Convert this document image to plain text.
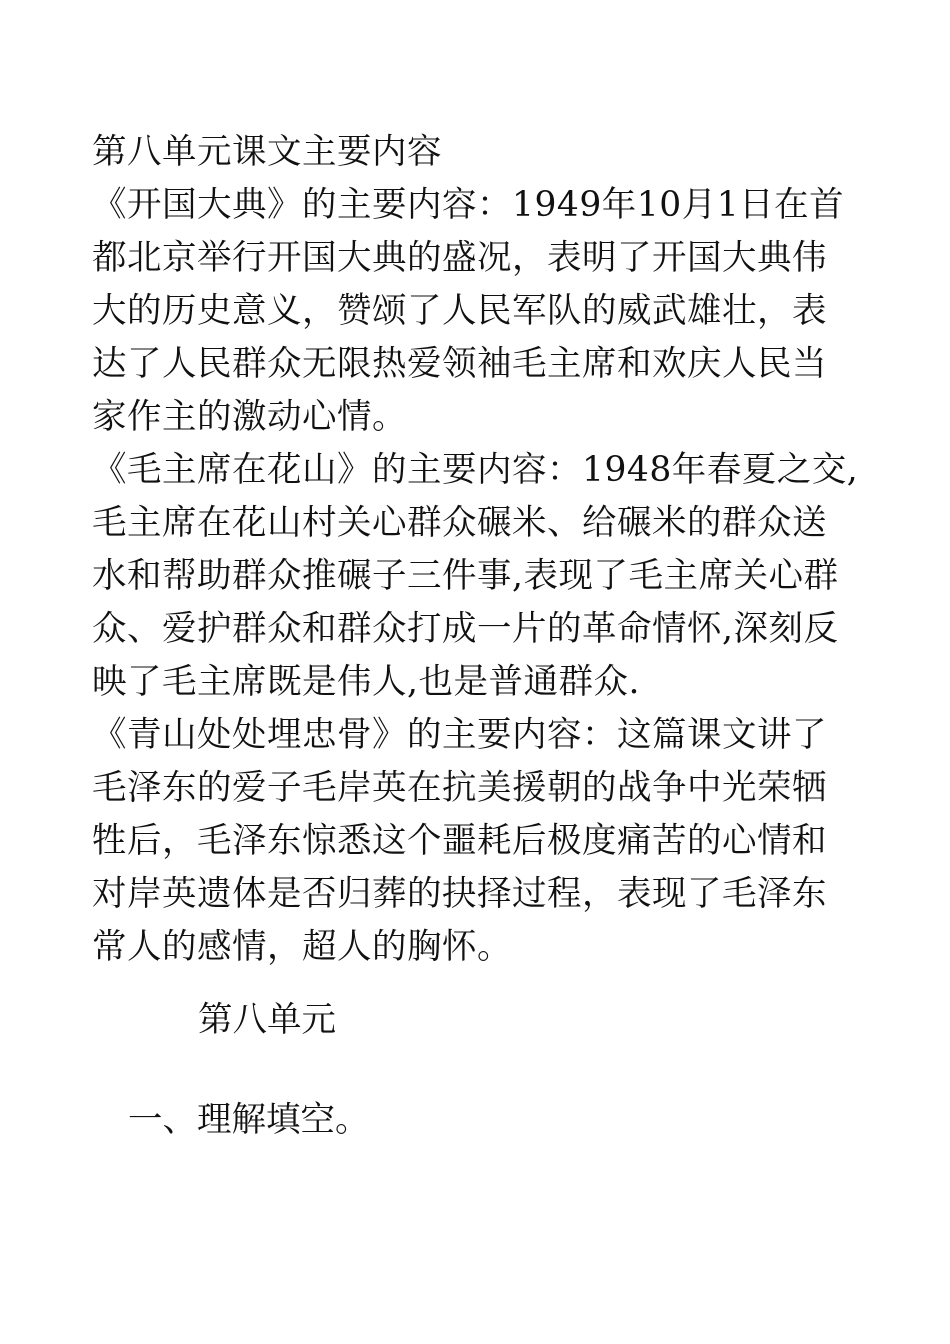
第八单元课文主要内容

《开国大典》的主要内容：1949年10月1日在首都北京举行开国大典的盛况，表明了开国大典伟大的历史意义，赞颂了人民军队的威武雄壮，表达了人民群众无限热爱领袖毛主席和欢庆人民当家作主的激动心情。

《毛主席在花山》的主要内容：1948年春夏之交,毛主席在花山村关心群众碾米、给碾米的群众送水和帮助群众推碾子三件事,表现了毛主席关心群众、爱护群众和群众打成一片的革命情怀,深刻反映了毛主席既是伟人,也是普通群众.

《青山处处埋忠骨》的主要内容：这篇课文讲了毛泽东的爱子毛岸英在抗美援朝的战争中光荣牺牲后，毛泽东惊悉这个噩耗后极度痛苦的心情和对岸英遗体是否归葬的抉择过程，表现了毛泽东常人的感情，超人的胸怀。

第八单元
一、理解填空。
